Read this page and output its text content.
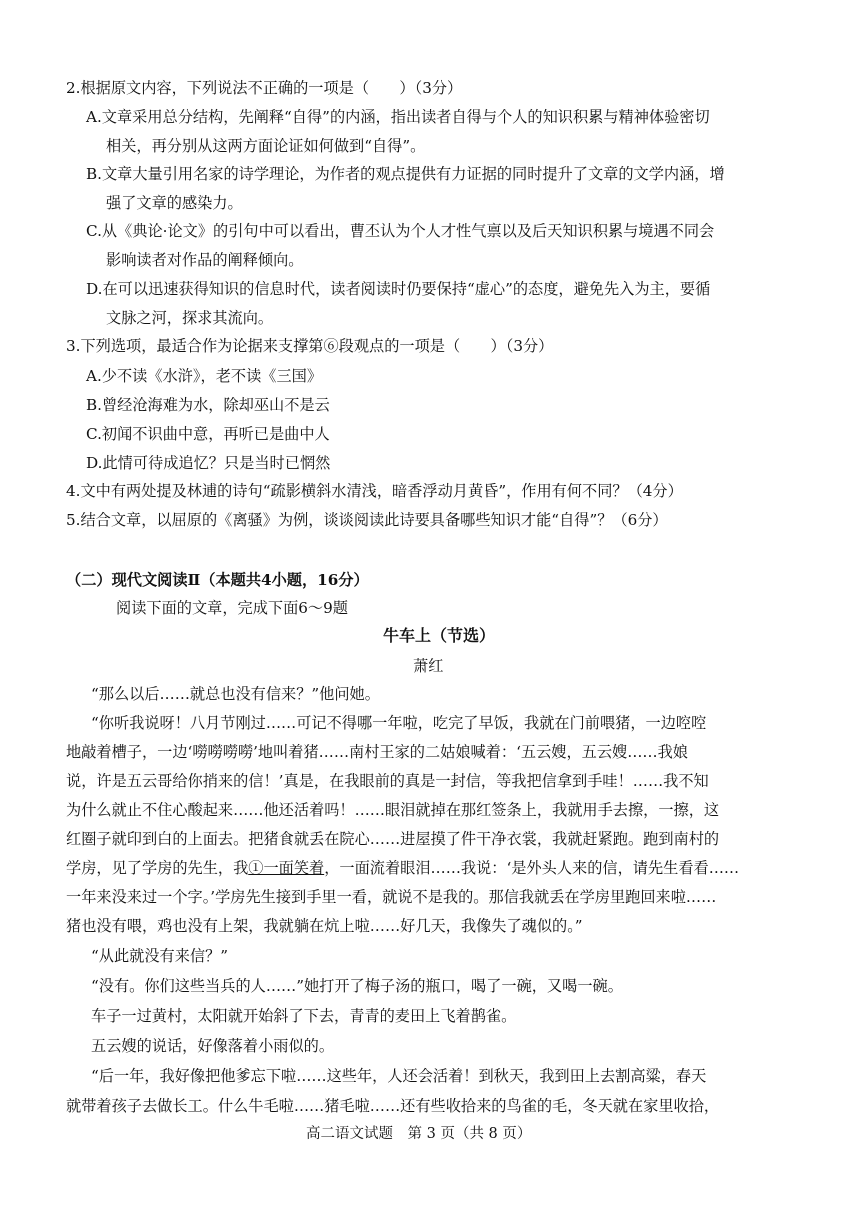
2.根据原文内容，下列说法不正确的一项是（　　）（3分）
A.文章采用总分结构，先阐释“自得”的内涵，指出读者自得与个人的知识积累与精神体验密切
相关，再分别从这两方面论证如何做到“自得”。
B.文章大量引用名家的诗学理论，为作者的观点提供有力证据的同时提升了文章的文学内涵，增
强了文章的感染力。
C.从《典论·论文》的引句中可以看出，曹丕认为个人才性气禀以及后天知识积累与境遇不同会
影响读者对作品的阐释倾向。
D.在可以迅速获得知识的信息时代，读者阅读时仍要保持“虚心”的态度，避免先入为主，要循
文脉之河，探求其流向。
3.下列选项，最适合作为论据来支撑第⑥段观点的一项是（　　）（3分）
A.少不读《水浒》，老不读《三国》
B.曾经沧海难为水，除却巫山不是云
C.初闻不识曲中意，再听已是曲中人
D.此情可待成追忆？只是当时已惘然
4.文中有两处提及林逋的诗句“疏影横斜水清浅，暗香浮动月黄昏”，作用有何不同？（4分）
5.结合文章，以屈原的《离骚》为例，谈谈阅读此诗要具备哪些知识才能“自得”？（6分）
（二）现代文阅读Ⅱ（本题共4小题，16分）
阅读下面的文章，完成下面6～9题
牛车上（节选）
萧红
“那么以后……就总也没有信来？”他问她。
“你听我说呀！八月节刚过……可记不得哪一年啦，吃完了早饭，我就在门前喂猪，一边啌啌
地敲着槽子，一边‘嘮嘮嘮嘮’地叫着猪……南村王家的二姑娘喊着：‘五云嫂，五云嫂……我娘
说，许是五云哥给你捎来的信！’真是，在我眼前的真是一封信，等我把信拿到手哇！……我不知
为什么就止不住心酸起来……他还活着吗！……眼泪就掉在那红签条上，我就用手去擦，一擦，这
红圈子就印到白的上面去。把猪食就丢在院心……进屋摸了件干净衣裳，我就赶紧跑。跑到南村的
学房，见了学房的先生，我①一面笑着，一面流着眼泪……我说：‘是外头人来的信，请先生看看……
一年来没来过一个字。’学房先生接到手里一看，就说不是我的。那信我就丢在学房里跑回来啦……
猪也没有喂，鸡也没有上架，我就躺在炕上啦……好几天，我像失了魂似的。”
“从此就没有来信？”
“没有。你们这些当兵的人……”她打开了梅子汤的瓶口，喝了一碗，又喝一碗。
车子一过黄村，太阳就开始斜了下去，青青的麦田上飞着鹊雀。
五云嫂的说话，好像落着小雨似的。
“后一年，我好像把他爹忘下啦……这些年，人还会活着！到秋天，我到田上去割高粱，春天
就带着孩子去做长工。什么牛毛啦……猪毛啦……还有些收拾来的鸟雀的毛，冬天就在家里收拾，
高二语文试题　第 3 页（共 8 页）
